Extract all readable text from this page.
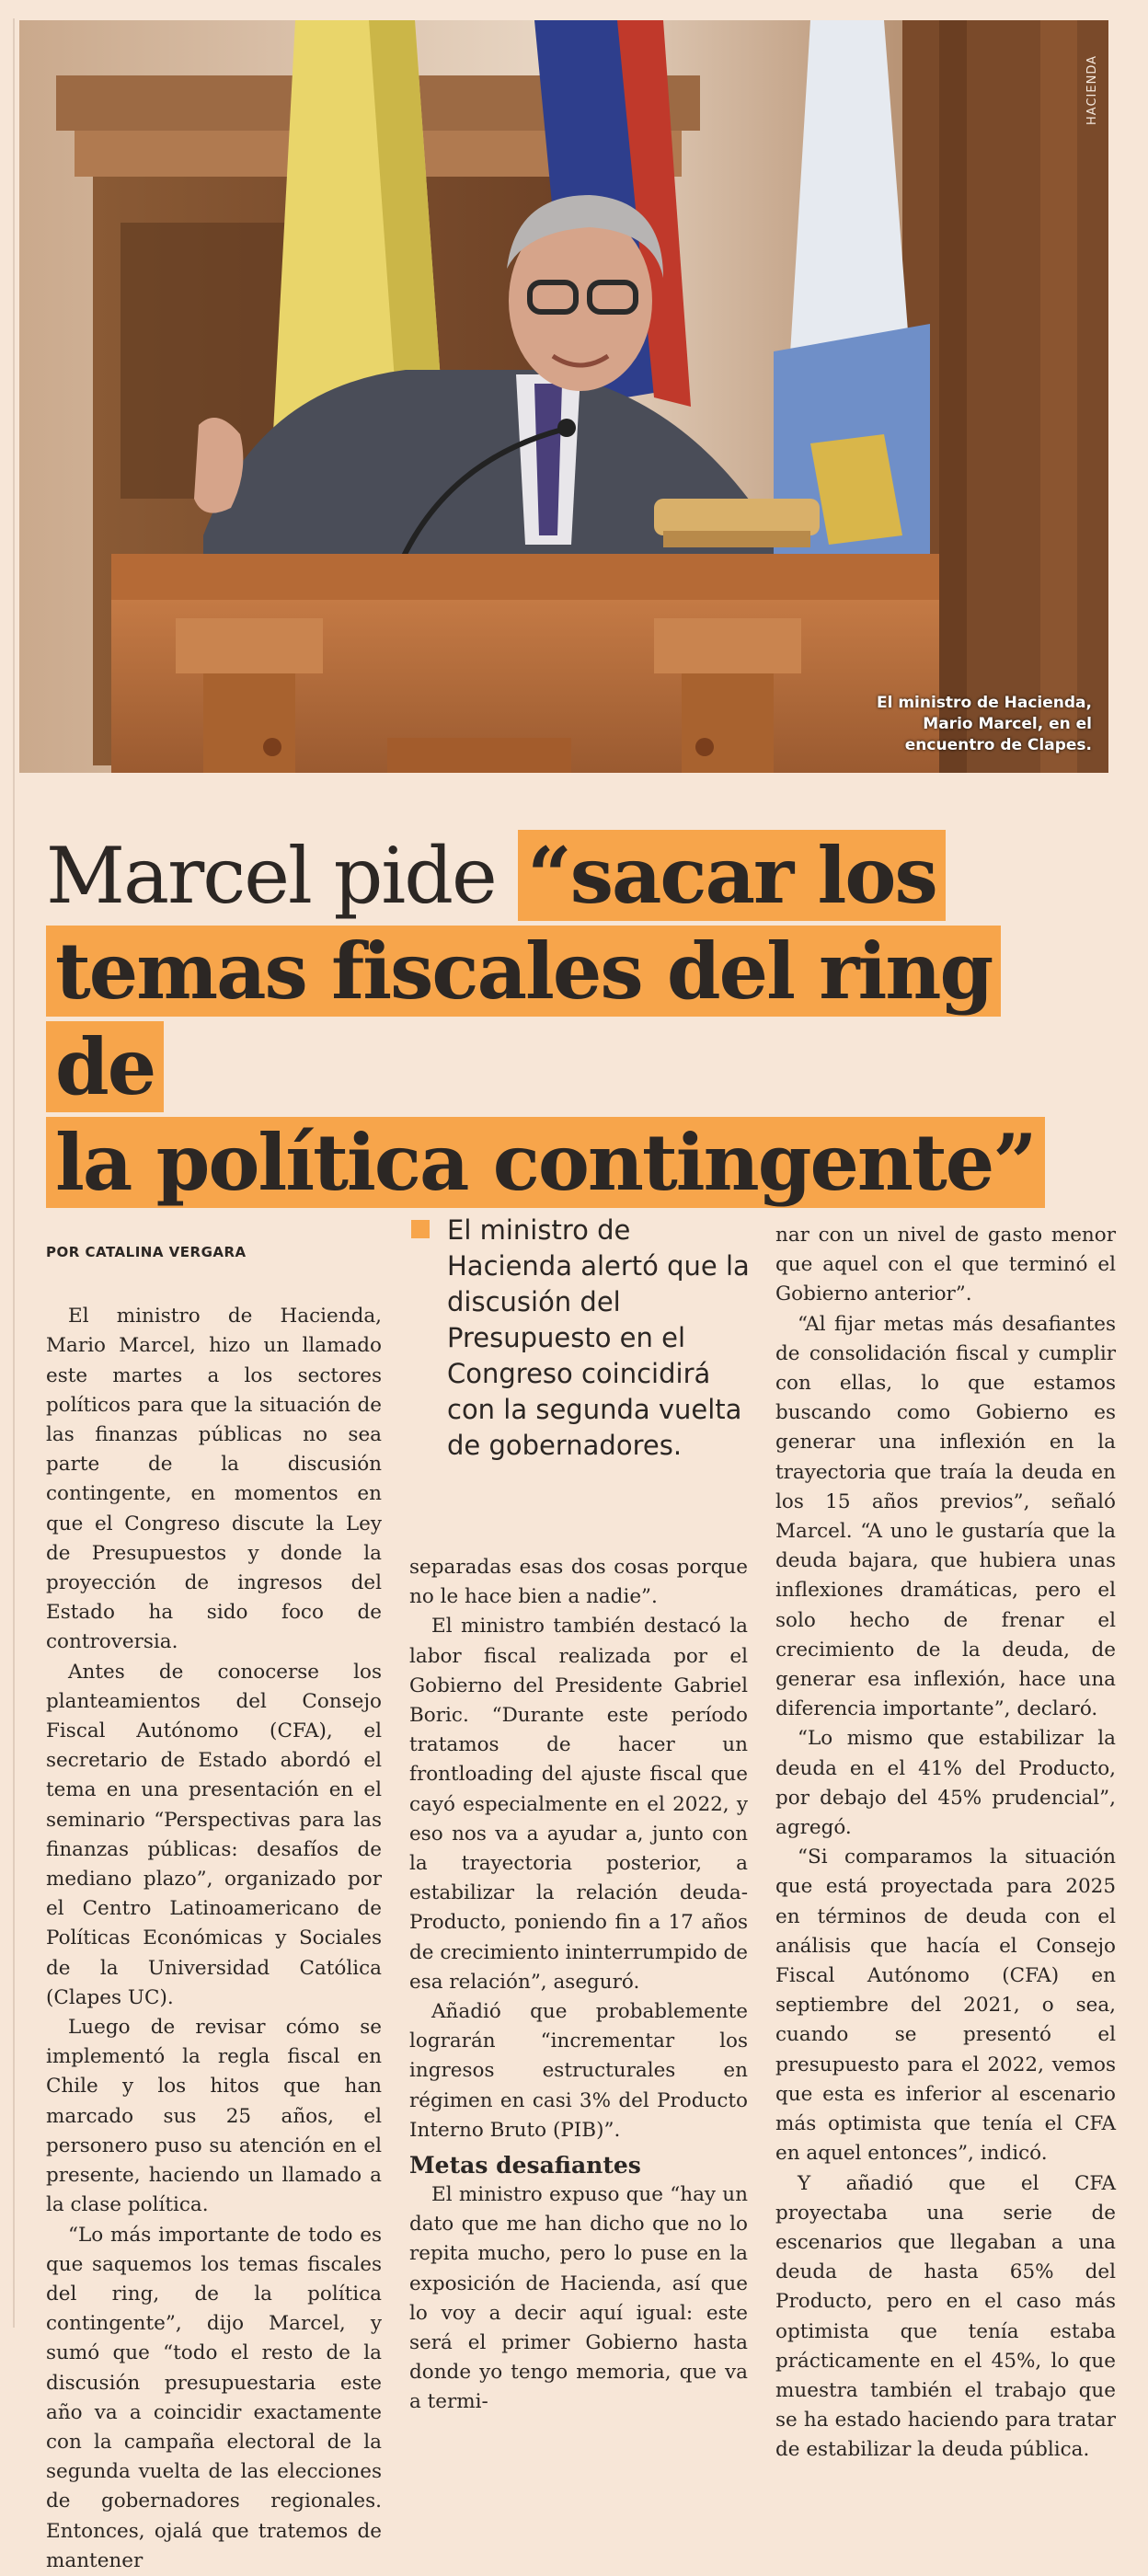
HACIENDA
El ministro de Hacienda,
Mario Marcel, en el
encuentro de Clapes.
Marcel pide “sacar los
temas fiscales del ring de
la política contingente”
POR CATALINA VERGARA

El ministro de Hacienda, Mario Marcel, hizo un llamado este martes a los sectores políticos para que la situación de las finanzas públicas no sea parte de la discusión contingente, en momentos en que el Congreso discute la Ley de Presupuestos y donde la proyección de ingresos del Estado ha sido foco de controversia.

Antes de conocerse los planteamientos del Consejo Fiscal Autónomo (CFA), el secretario de Estado abordó el tema en una presentación en el seminario “Perspectivas para las finanzas públicas: desafíos de mediano plazo”, organizado por el Centro Latinoamericano de Políticas Económicas y Sociales de la Universidad Católica (Clapes UC).

Luego de revisar cómo se implementó la regla fiscal en Chile y los hitos que han marcado sus 25 años, el personero puso su atención en el presente, haciendo un llamado a la clase política.

“Lo más importante de todo es que saquemos los temas fiscales del ring, de la política contingente”, dijo Marcel, y sumó que “todo el resto de la discusión presupuestaria este año va a coincidir exactamente con la campaña electoral de la segunda vuelta de las elecciones de gobernadores regionales. Entonces, ojalá que tratemos de mantener

El ministro de Hacienda alertó que la discusión del Presupuesto en el Congreso coincidirá con la segunda vuelta de gobernadores.

separadas esas dos cosas porque no le hace bien a nadie”.

El ministro también destacó la labor fiscal realizada por el Gobierno del Presidente Gabriel Boric. “Durante este período tratamos de hacer un frontloading del ajuste fiscal que cayó especialmente en el 2022, y eso nos va a ayudar a, junto con la trayectoria posterior, a estabilizar la relación deuda-Producto, poniendo fin a 17 años de crecimiento ininterrumpido de esa relación”, aseguró.

Añadió que probablemente lograrán “incrementar los ingresos estructurales en régimen en casi 3% del Producto Interno Bruto (PIB)”.

Metas desafiantes

El ministro expuso que “hay un dato que me han dicho que no lo repita mucho, pero lo puse en la exposición de Hacienda, así que lo voy a decir aquí igual: este será el primer Gobierno hasta donde yo tengo memoria, que va a termi-

nar con un nivel de gasto menor que aquel con el que terminó el Gobierno anterior”.

“Al fijar metas más desafiantes de consolidación fiscal y cumplir con ellas, lo que estamos buscando como Gobierno es generar una inflexión en la trayectoria que traía la deuda en los 15 años previos”, señaló Marcel. “A uno le gustaría que la deuda bajara, que hubiera unas inflexiones dramáticas, pero el solo hecho de frenar el crecimiento de la deuda, de generar esa inflexión, hace una diferencia importante”, declaró.

“Lo mismo que estabilizar la deuda en el 41% del Producto, por debajo del 45% prudencial”, agregó.

“Si comparamos la situación que está proyectada para 2025 en términos de deuda con el análisis que hacía el Consejo Fiscal Autónomo (CFA) en septiembre del 2021, o sea, cuando se presentó el presupuesto para el 2022, vemos que esta es inferior al escenario más optimista que tenía el CFA en aquel entonces”, indicó.

Y añadió que el CFA proyectaba una serie de escenarios que llegaban a una deuda de hasta 65% del Producto, pero en el caso más optimista que tenía estaba prácticamente en el 45%, lo que muestra también el trabajo que se ha estado haciendo para tratar de estabilizar la deuda pública.
